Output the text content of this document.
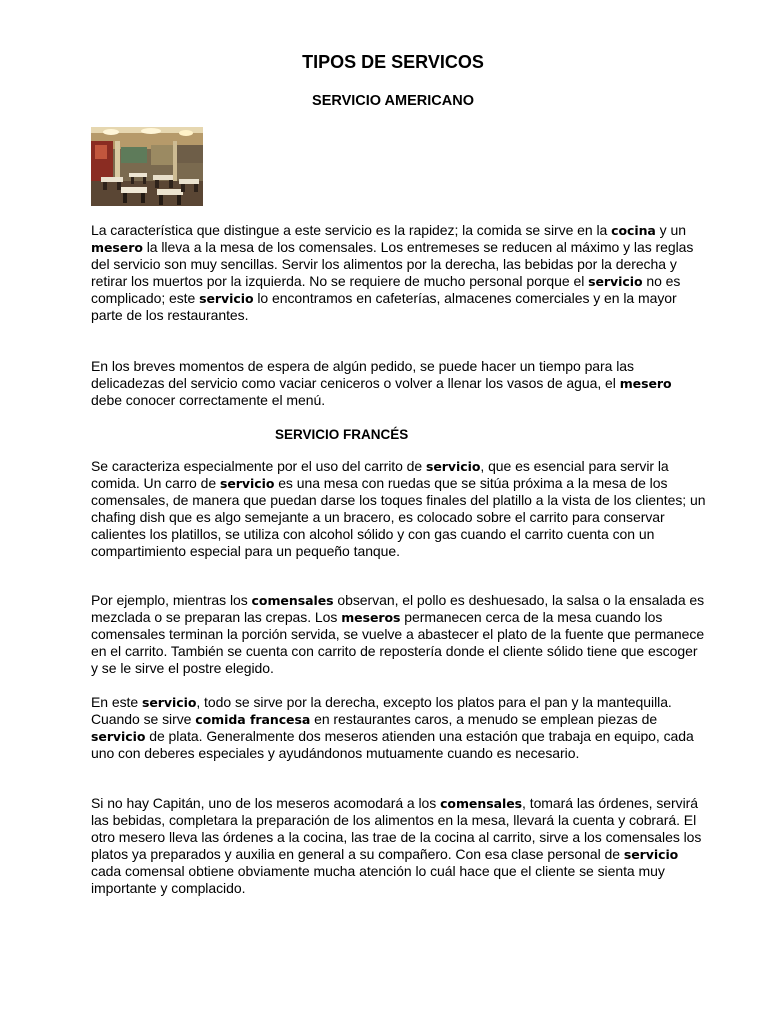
TIPOS DE SERVICOS
SERVICIO AMERICANO

La característica que distingue a este servicio es la rapidez; la comida se sirve en la cocina y un mesero la lleva a la mesa de los comensales. Los entremeses se reducen al máximo y las reglas del servicio son muy sencillas. Servir los alimentos por la derecha, las bebidas por la derecha y retirar los muertos por la izquierda. No se requiere de mucho personal porque el servicio no es complicado; este servicio lo encontramos en cafeterías, almacenes comerciales y en la mayor parte de los restaurantes.

En los breves momentos de espera de algún pedido, se puede hacer un tiempo para las delicadezas del servicio como vaciar ceniceros o volver a llenar los vasos de agua, el mesero debe conocer correctamente el menú.

SERVICIO FRANCÉS

Se caracteriza especialmente por el uso del carrito de servicio, que es esencial para servir la comida. Un carro de servicio es una mesa con ruedas que se sitúa próxima a la mesa de los comensales, de manera que puedan darse los toques finales del platillo a la vista de los clientes; un chafing dish que es algo semejante a un bracero, es colocado sobre el carrito para conservar calientes los platillos, se utiliza con alcohol sólido y con gas cuando el carrito cuenta con un compartimiento especial para un pequeño tanque.

Por ejemplo, mientras los comensales observan, el pollo es deshuesado, la salsa o la ensalada es mezclada o se preparan las crepas. Los meseros permanecen cerca de la mesa cuando los comensales terminan la porción servida, se vuelve a abastecer el plato de la fuente que permanece en el carrito. También se cuenta con carrito de repostería donde el cliente sólido tiene que escoger y se le sirve el postre elegido.

En este servicio, todo se sirve por la derecha, excepto los platos para el pan y la mantequilla. Cuando se sirve comida francesa en restaurantes caros, a menudo se emplean piezas de servicio de plata. Generalmente dos meseros atienden una estación que trabaja en equipo, cada uno con deberes especiales y ayudándonos mutuamente cuando es necesario.

Si no hay Capitán, uno de los meseros acomodará a los comensales, tomará las órdenes, servirá las bebidas, completara la preparación de los alimentos en la mesa, llevará la cuenta y cobrará. El otro mesero lleva las órdenes a la cocina, las trae de la cocina al carrito, sirve a los comensales los platos ya preparados y auxilia en general a su compañero. Con esa clase personal de servicio cada comensal obtiene obviamente mucha atención lo cuál hace que el cliente se sienta muy importante y complacido.
